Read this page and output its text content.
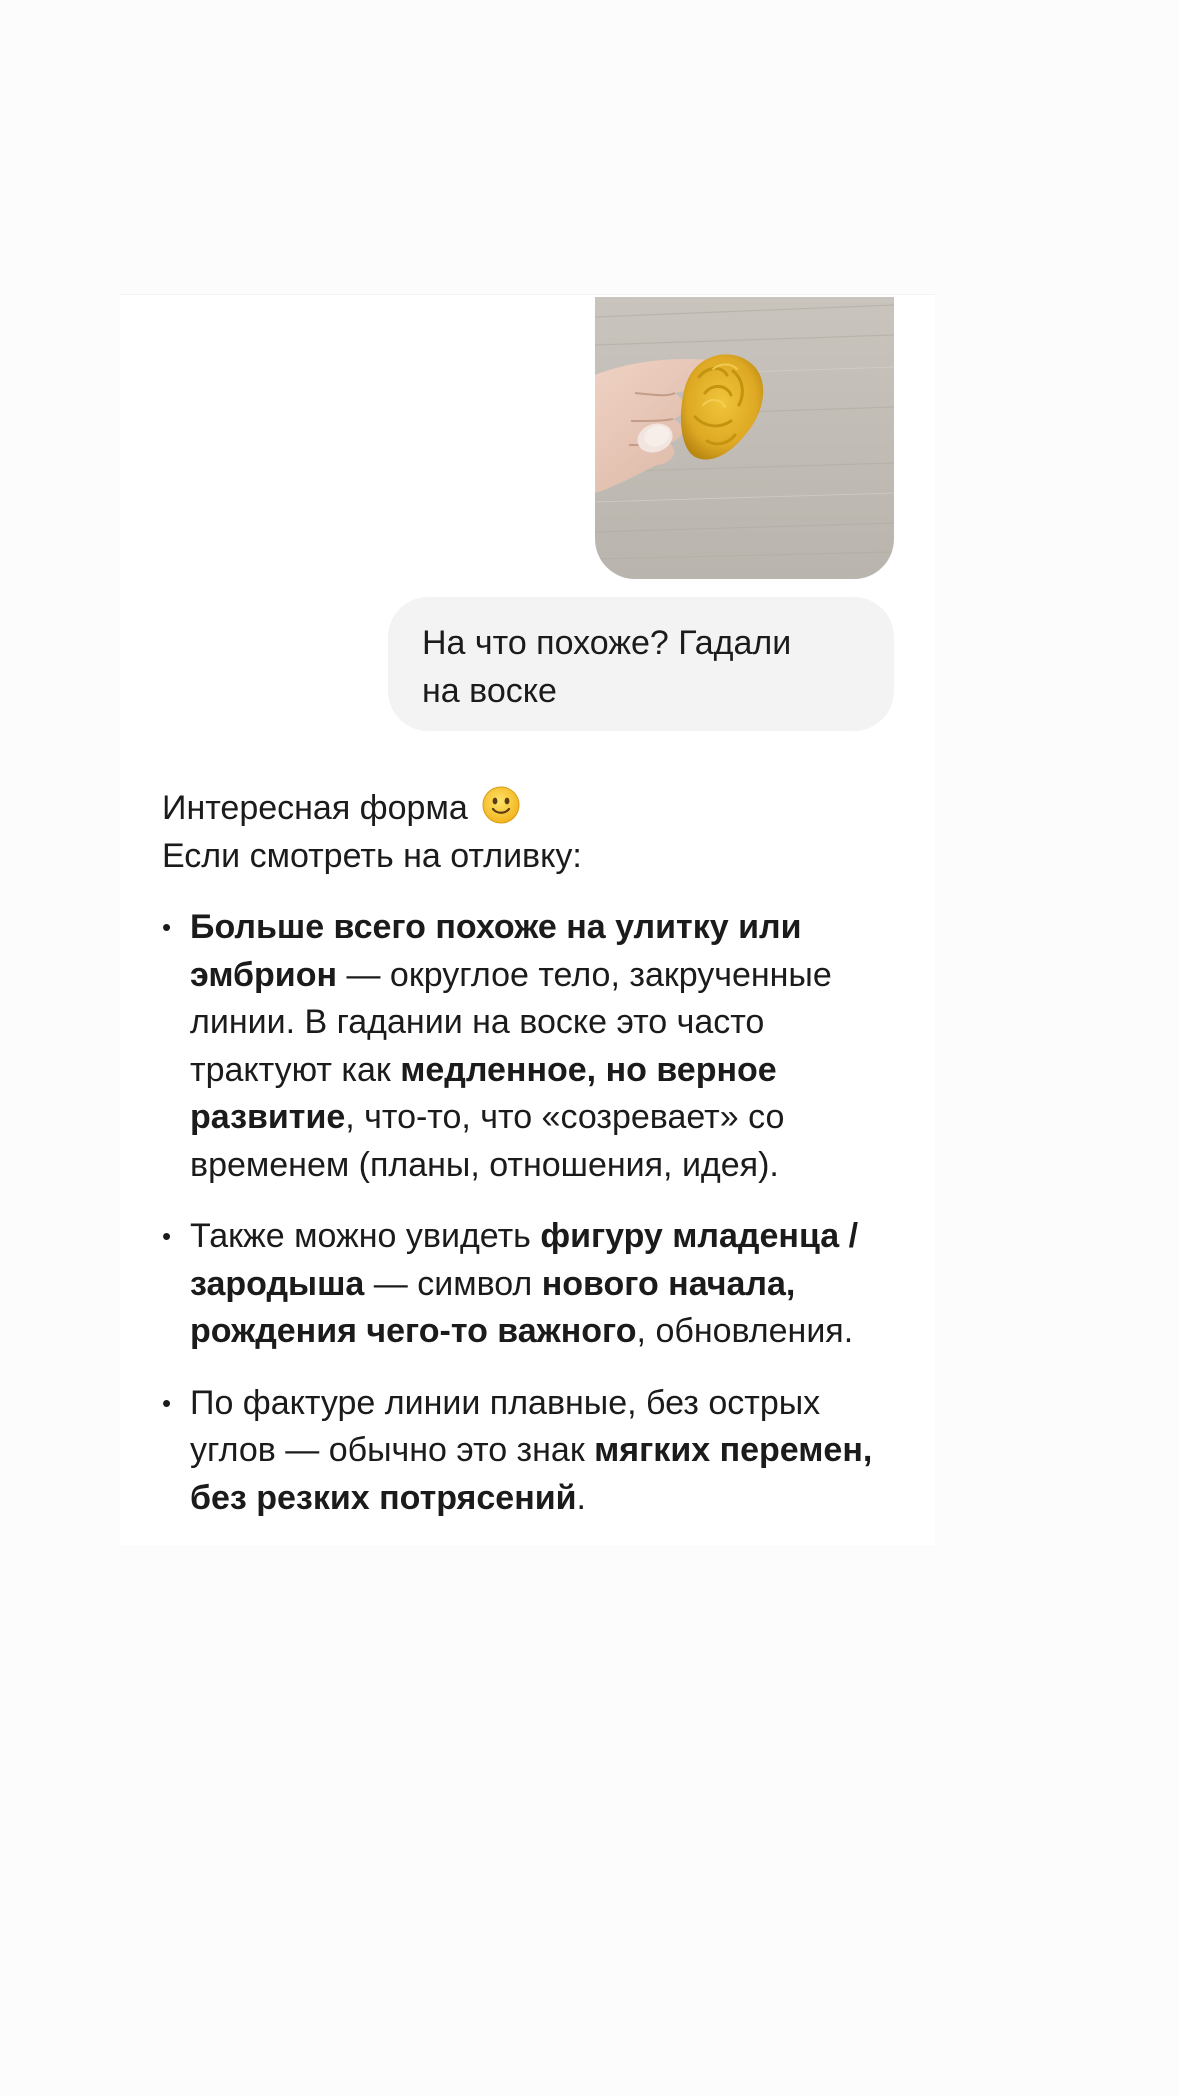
На что похоже? Гадали
на воске
Интересная форма
Если смотреть на отливку:
• Больше всего похоже на улитку или эмбрион — округлое тело, закрученные линии. В гадании на воске это часто трактуют как медленное, но верное развитие, что-то, что «созревает» со временем (планы, отношения, идея).
• Также можно увидеть фигуру младенца / зародыша — символ нового начала, рождения чего-то важного, обновления.
• По фактуре линии плавные, без острых углов — обычно это знак мягких перемен, без резких потрясений.
